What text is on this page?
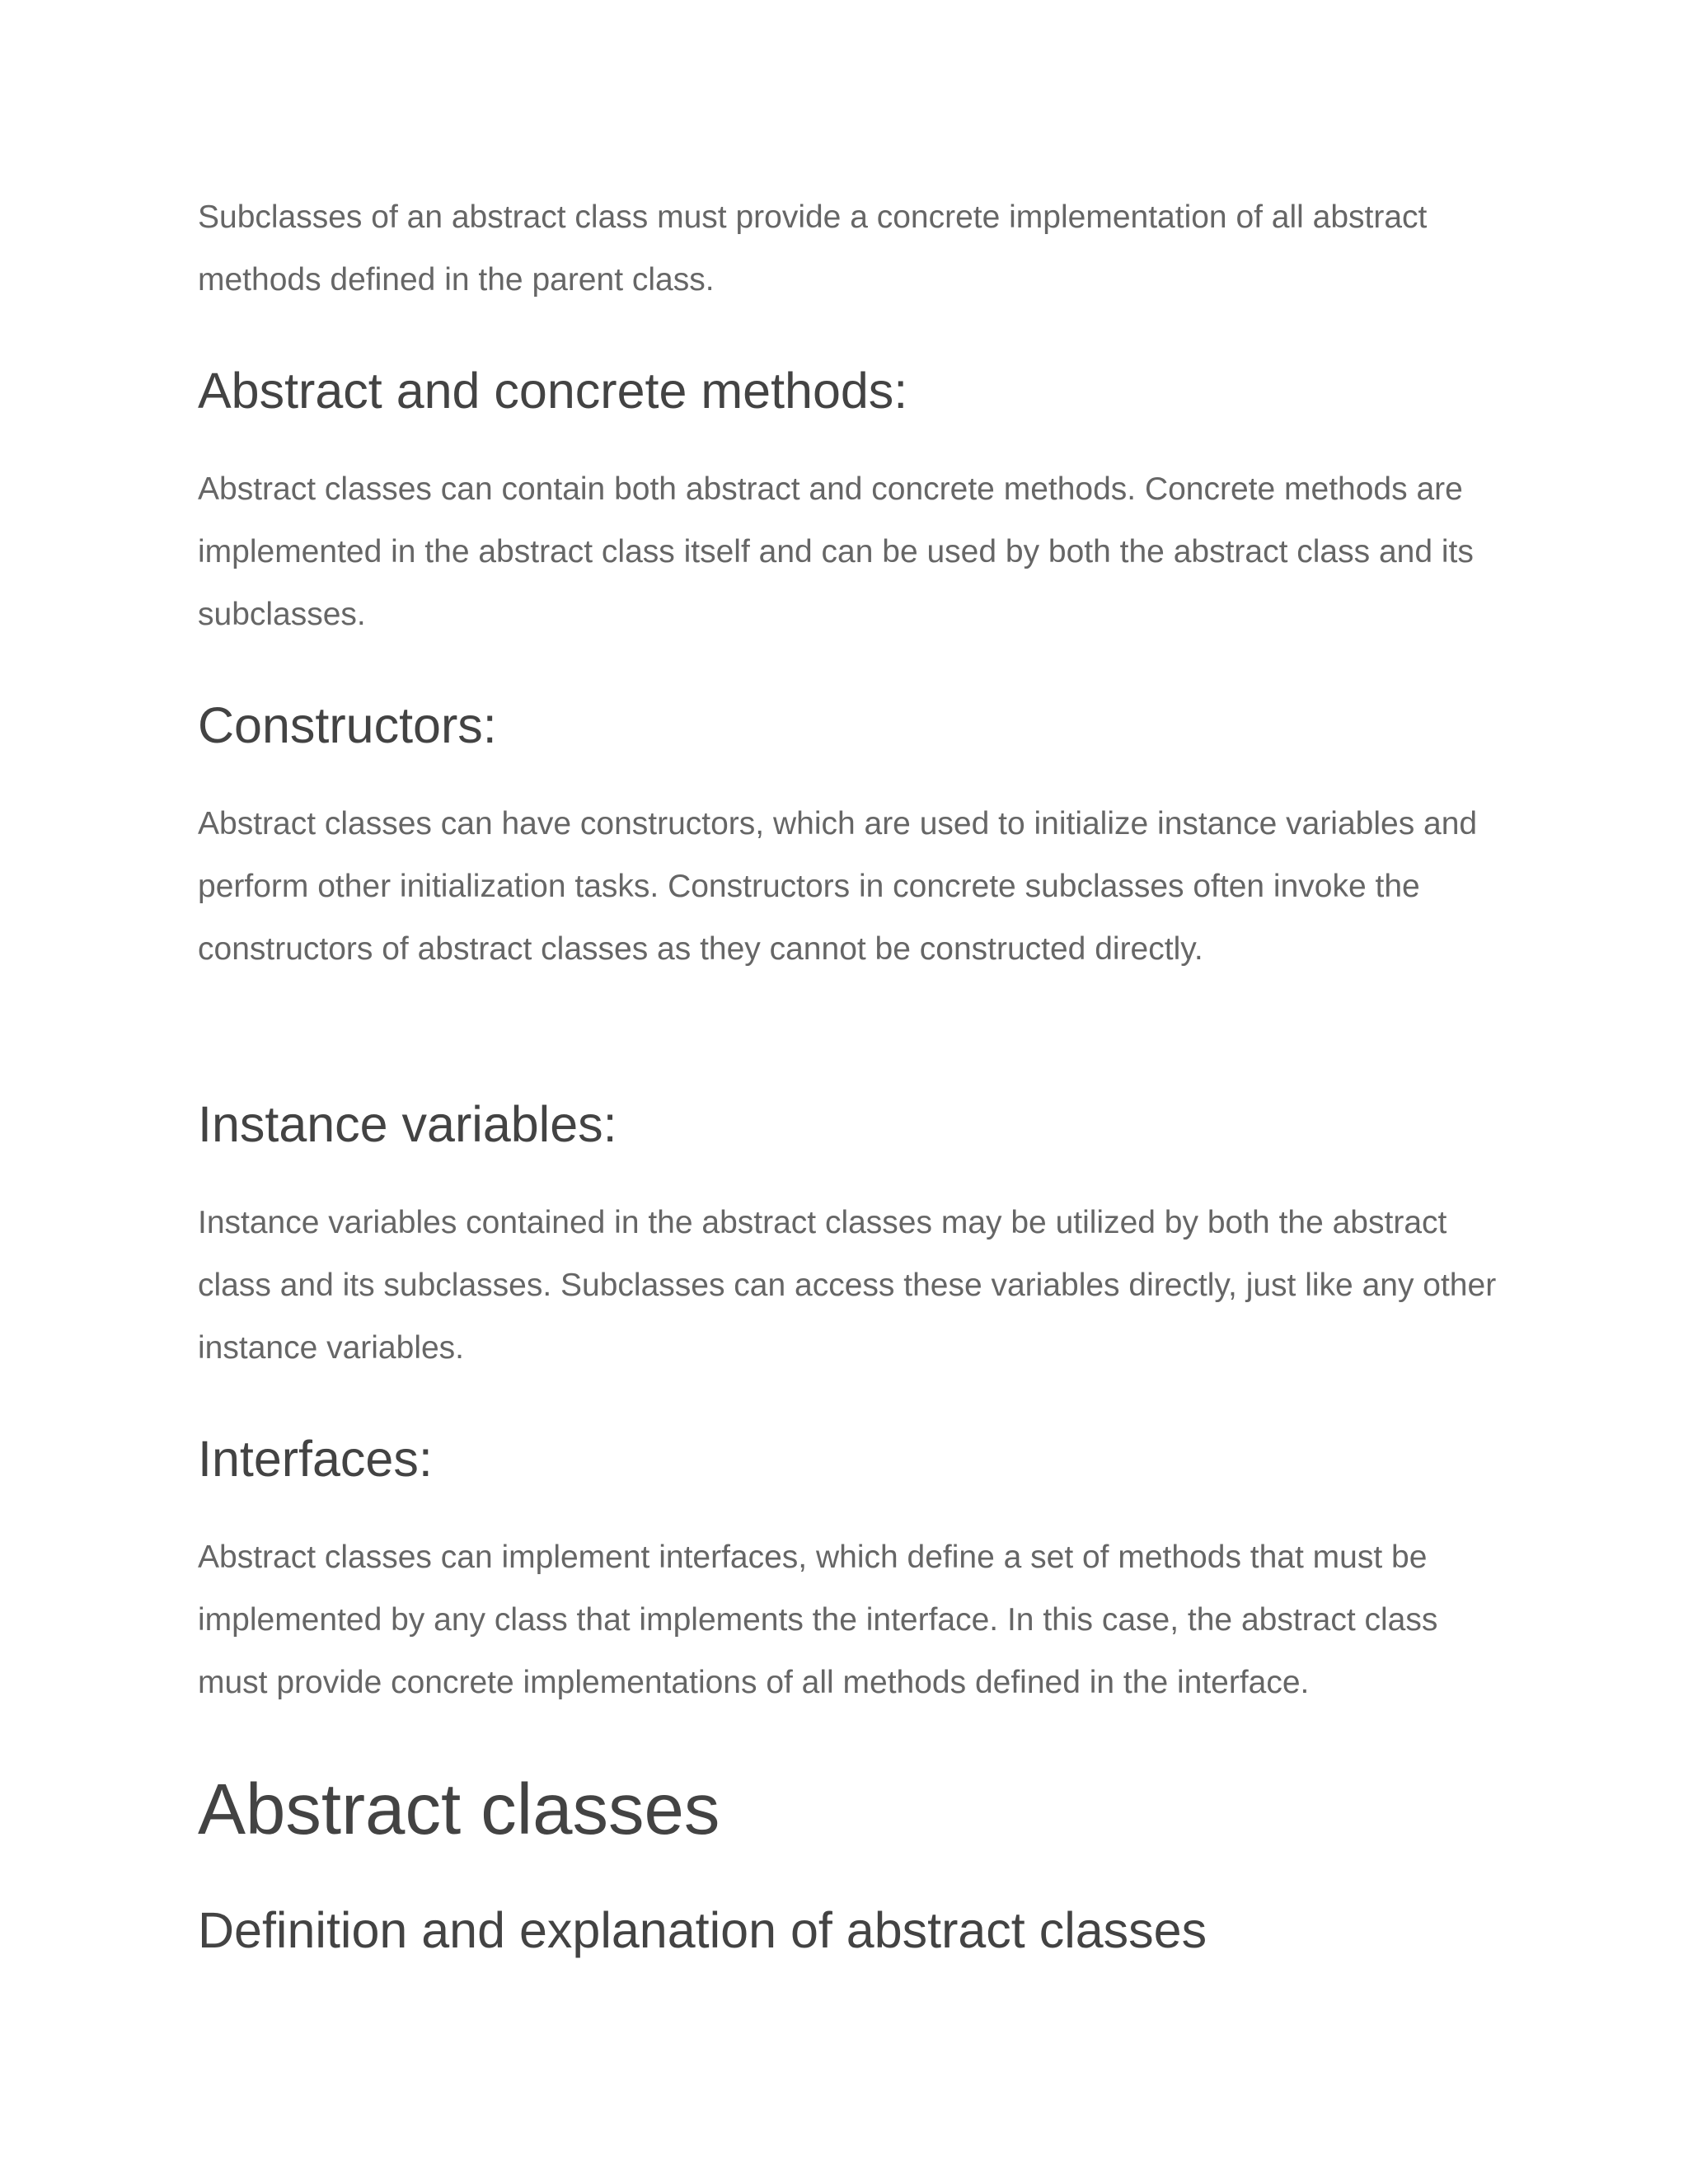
Subclasses of an abstract class must provide a concrete implementation of all abstract methods defined in the parent class.

Abstract and concrete methods:

Abstract classes can contain both abstract and concrete methods. Concrete methods are implemented in the abstract class itself and can be used by both the abstract class and its subclasses.

Constructors:

Abstract classes can have constructors, which are used to initialize instance variables and perform other initialization tasks. Constructors in concrete subclasses often invoke the constructors of abstract classes as they cannot be constructed directly.

Instance variables:

Instance variables contained in the abstract classes may be utilized by both the abstract class and its subclasses. Subclasses can access these variables directly, just like any other instance variables.

Interfaces:

Abstract classes can implement interfaces, which define a set of methods that must be implemented by any class that implements the interface. In this case, the abstract class must provide concrete implementations of all methods defined in the interface.

Abstract classes
Definition and explanation of abstract classes
